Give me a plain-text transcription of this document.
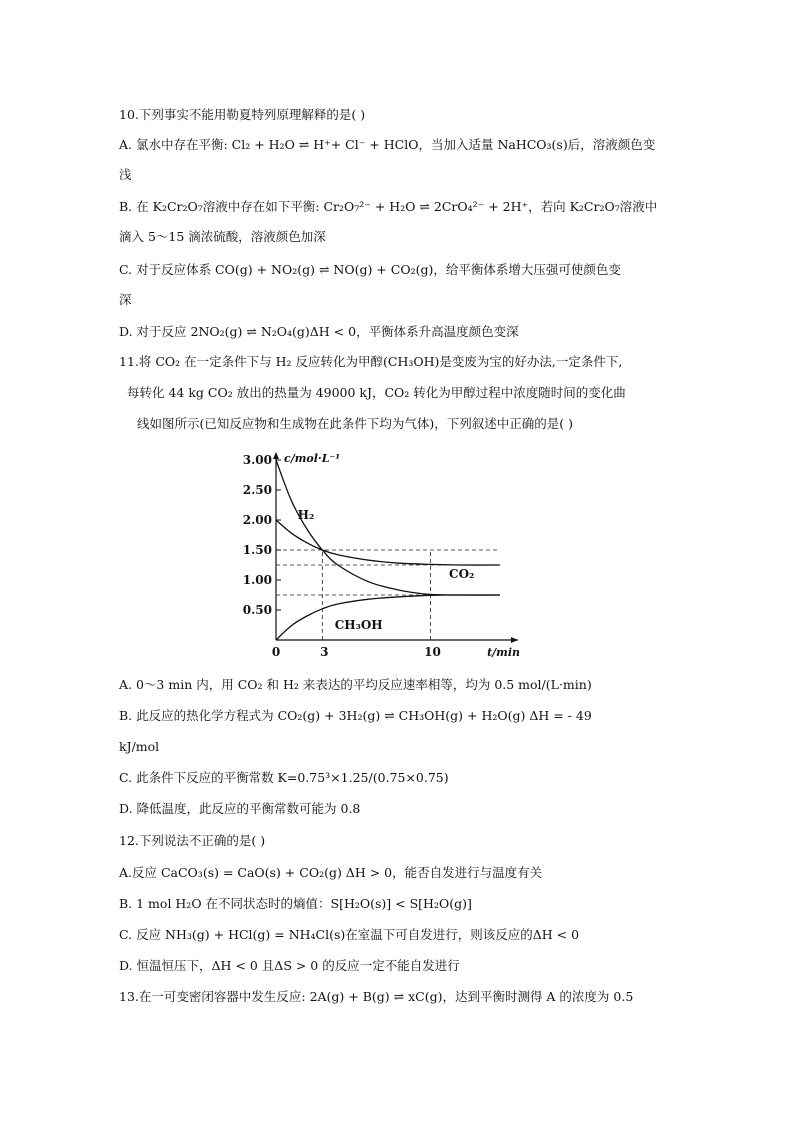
10.下列事实不能用勒夏特列原理解释的是( )
A. 氯水中存在平衡: Cl₂ + H₂O ⇌ H⁺+ Cl⁻ + HClO，当加入适量 NaHCO₃(s)后，溶液颜色变
浅
B. 在 K₂Cr₂O₇溶液中存在如下平衡: Cr₂O₇²⁻ + H₂O ⇌ 2CrO₄²⁻ + 2H⁺，若向 K₂Cr₂O₇溶液中
滴入 5～15 滴浓硫酸，溶液颜色加深
C. 对于反应体系 CO(g) + NO₂(g) ⇌ NO(g) + CO₂(g)，给平衡体系增大压强可使颜色变
深
D. 对于反应 2NO₂(g) ⇌ N₂O₄(g)ΔH < 0，平衡体系升高温度颜色变深
11.将 CO₂ 在一定条件下与 H₂ 反应转化为甲醇(CH₃OH)是变废为宝的好办法,一定条件下,
每转化 44 kg CO₂ 放出的热量为 49000 kJ，CO₂ 转化为甲醇过程中浓度随时间的变化曲
线如图所示(已知反应物和生成物在此条件下均为气体)，下列叙述中正确的是( )
0.50
1.00
1.50
2.00
2.50
3.00
0	3	10
c/mol·L⁻¹
t/min
H₂
CO₂
CH₃OH
A. 0～3 min 内，用 CO₂ 和 H₂ 来表达的平均反应速率相等，均为 0.5 mol/(L·min)
B. 此反应的热化学方程式为 CO₂(g) + 3H₂(g) ⇌ CH₃OH(g) + H₂O(g) ΔH = - 49
kJ/mol
C. 此条件下反应的平衡常数 K=0.75³×1.25/(0.75×0.75)
D. 降低温度，此反应的平衡常数可能为 0.8
12.下列说法不正确的是( )
A.反应 CaCO₃(s) = CaO(s) + CO₂(g) ΔH > 0，能否自发进行与温度有关
B. 1 mol H₂O 在不同状态时的熵值：S[H₂O(s)] < S[H₂O(g)]
C. 反应 NH₃(g) + HCl(g) = NH₄Cl(s)在室温下可自发进行，则该反应的ΔH < 0
D. 恒温恒压下，ΔH < 0 且ΔS > 0 的反应一定不能自发进行
13.在一可变密闭容器中发生反应: 2A(g) + B(g) ⇌ xC(g)，达到平衡时测得 A 的浓度为 0.5
